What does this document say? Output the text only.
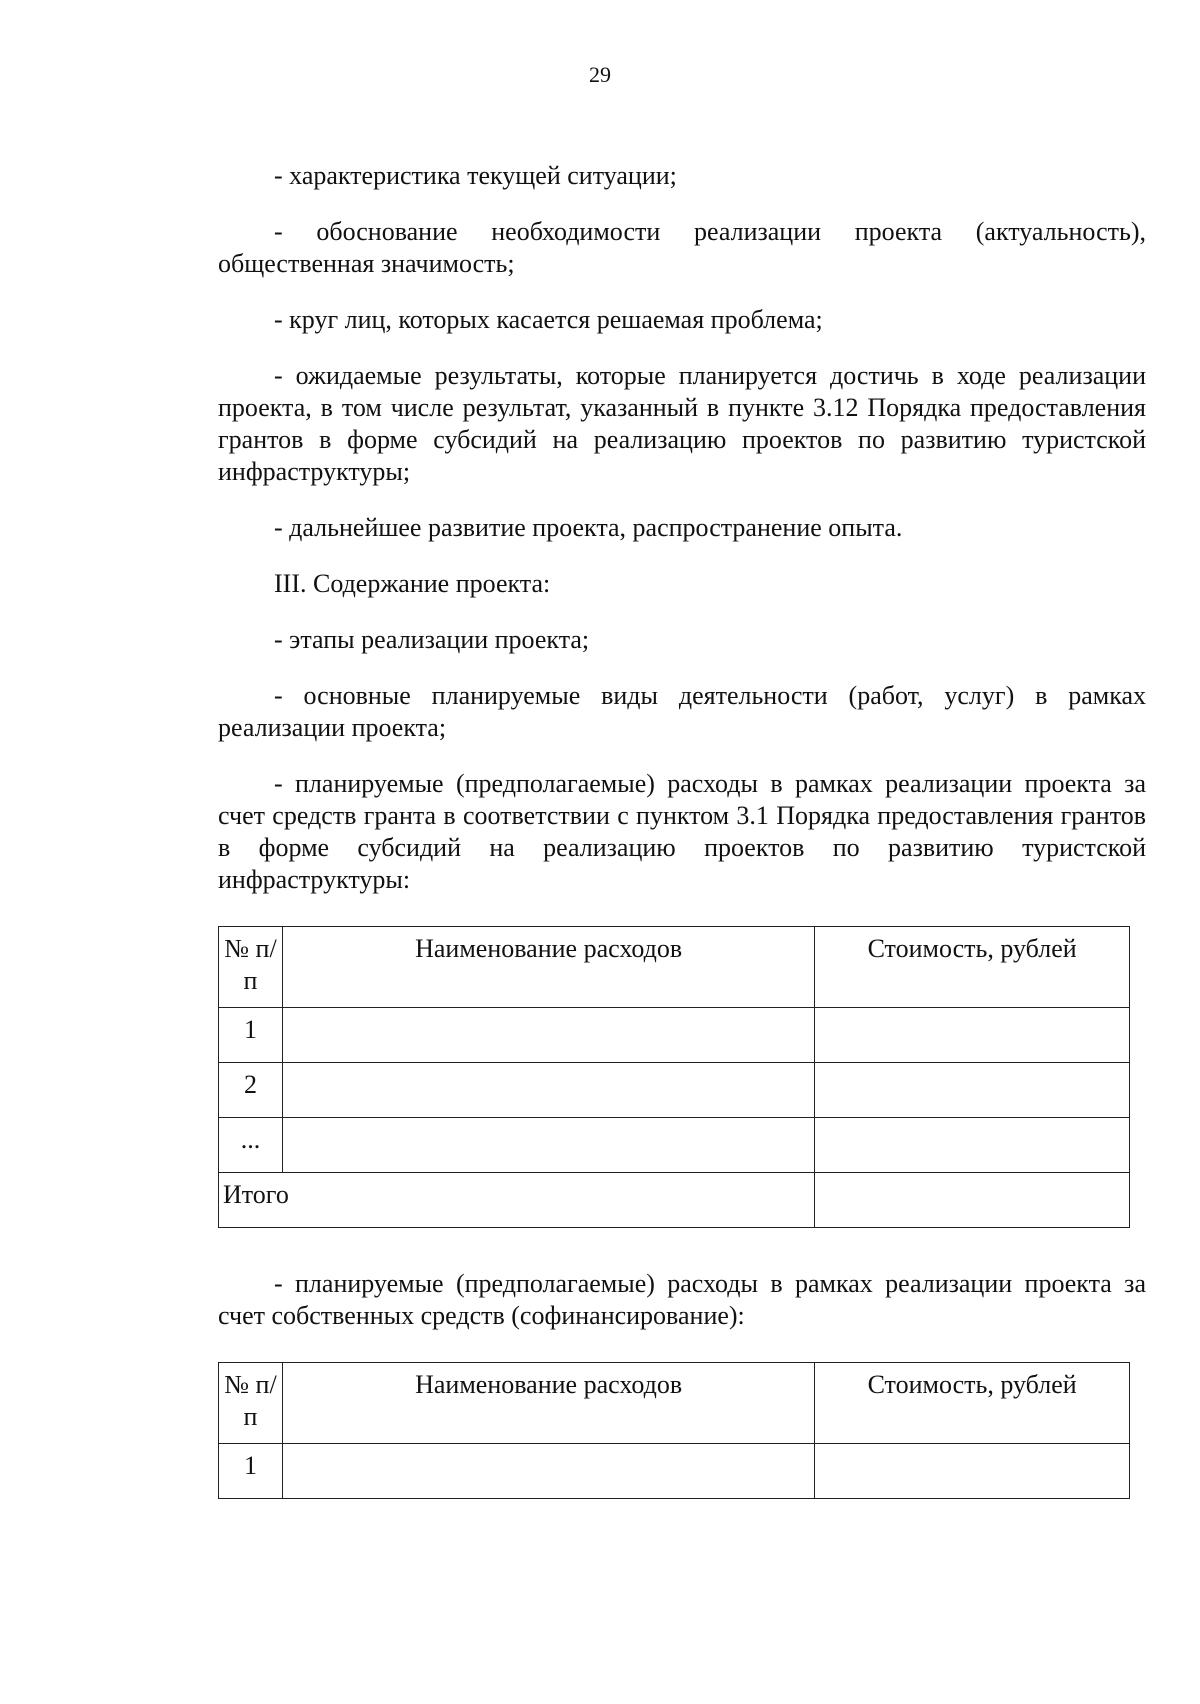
29

- характеристика текущей ситуации;

- обоснование необходимости реализации проекта (актуальность), общественная значимость;

- круг лиц, которых касается решаемая проблема;

- ожидаемые результаты, которые планируется достичь в ходе реализации проекта, в том числе результат, указанный в пункте 3.12 Порядка предоставления грантов в форме субсидий на реализацию проектов по развитию туристской инфраструктуры;

- дальнейшее развитие проекта, распространение опыта.

III. Содержание проекта:

- этапы реализации проекта;

- основные планируемые виды деятельности (работ, услуг) в рамках реализации проекта;

- планируемые (предполагаемые) расходы в рамках реализации проекта за счет средств гранта в соответствии с пунктом 3.1 Порядка предоставления грантов в форме субсидий на реализацию проектов по развитию туристской инфраструктуры:

№ п/п	Наименование расходов	Стоимость, рублей
1		
2		
...		
Итого		

- планируемые (предполагаемые) расходы в рамках реализации проекта за счет собственных средств (софинансирование):

№ п/п	Наименование расходов	Стоимость, рублей
1		
